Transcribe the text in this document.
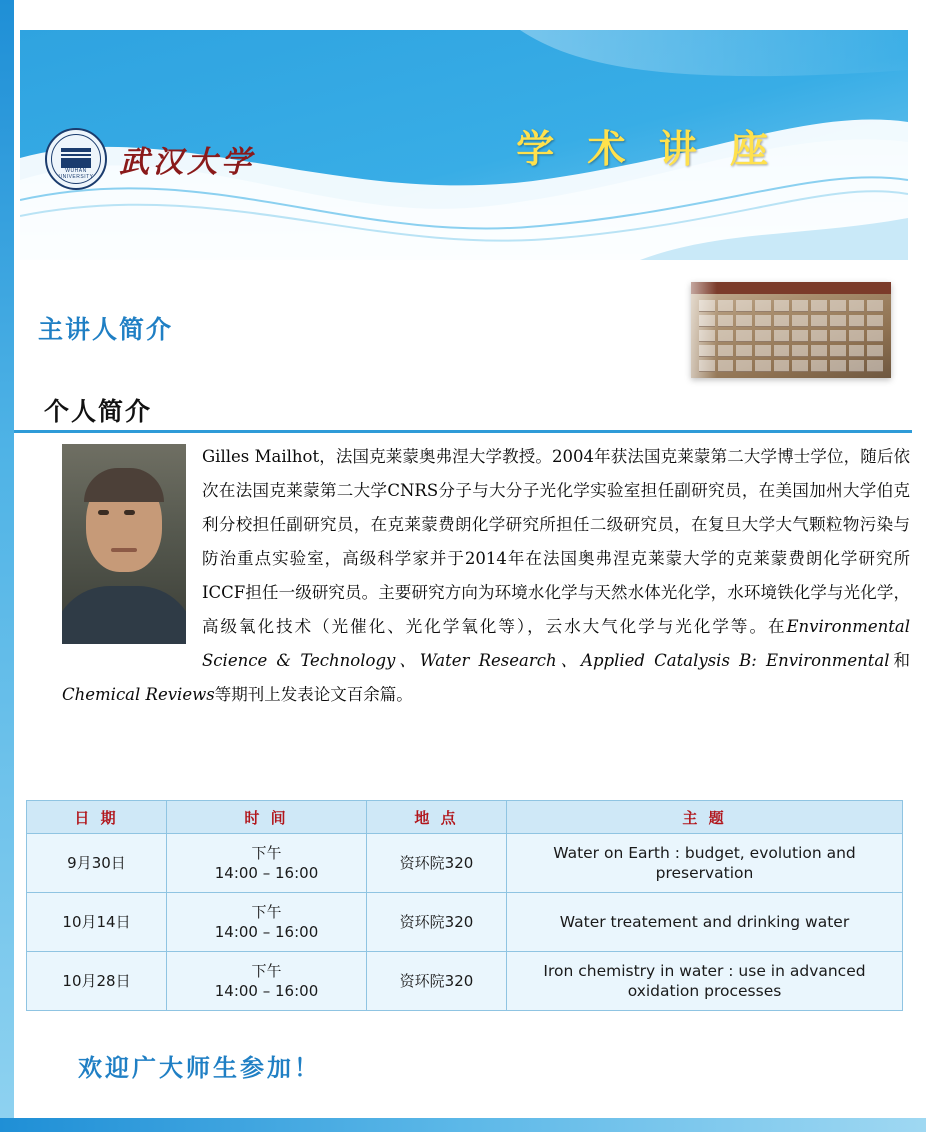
学 术 讲 座
WUHAN UNIVERSITY 武汉大学
主讲人简介
个人简介
Gilles Mailhot，法国克莱蒙奥弗涅大学教授。2004年获法国克莱蒙第二大学博士学位，随后依次在法国克莱蒙第二大学CNRS分子与大分子光化学实验室担任副研究员，在美国加州大学伯克利分校担任副研究员，在克莱蒙费朗化学研究所担任二级研究员，在复旦大学大气颗粒物污染与防治重点实验室，高级科学家并于2014年在法国奥弗涅克莱蒙大学的克莱蒙费朗化学研究所ICCF担任一级研究员。主要研究方向为环境水化学与天然水体光化学，水环境铁化学与光化学，高级氧化技术（光催化、光化学氧化等），云水大气化学与光化学等。在Environmental Science & Technology、Water Research、Applied Catalysis B: Environmental和Chemical Reviews等期刊上发表论文百余篇。
日 期	时 间	地 点	主 题
9月30日	下午
14:00 – 16:00	资环院320	Water on Earth : budget, evolution and preservation
10月14日	下午
14:00 – 16:00	资环院320	Water treatement and drinking water
10月28日	下午
14:00 – 16:00	资环院320	Iron chemistry in water : use in advanced oxidation processes
欢迎广大师生参加！
